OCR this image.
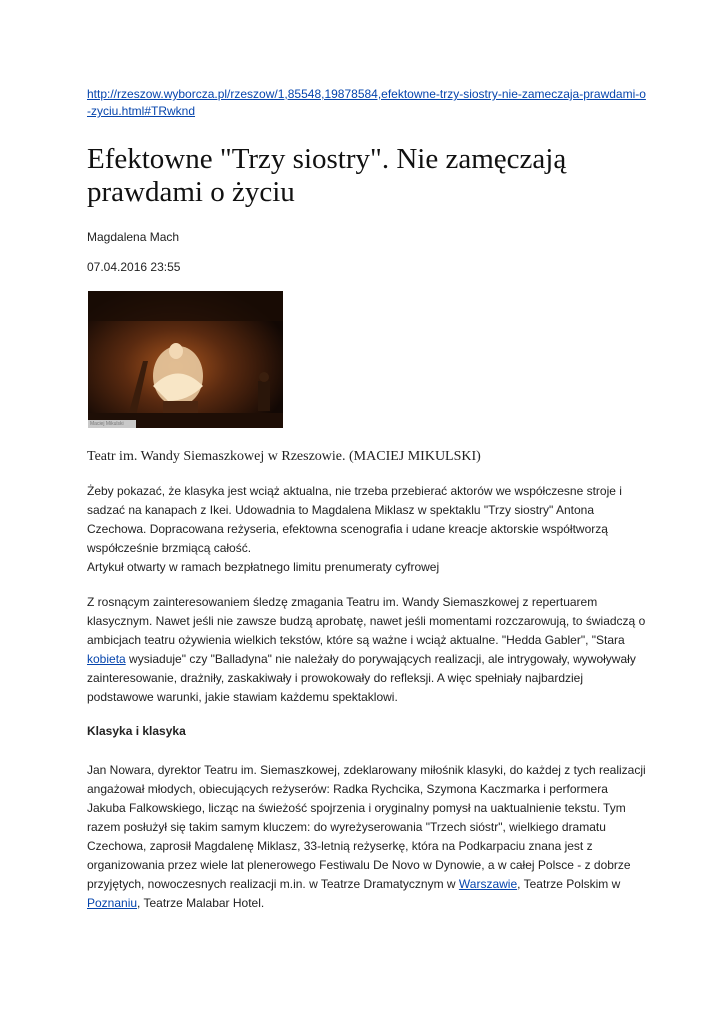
http://rzeszow.wyborcza.pl/rzeszow/1,85548,19878584,efektowne-trzy-siostry-nie-zameczaja-prawdami-o-zyciu.html#TRwknd
Efektowne "Trzy siostry". Nie zamęczają prawdami o życiu

Magdalena Mach

07.04.2016 23:55

Maciej Mikulski

Teatr im. Wandy Siemaszkowej w Rzeszowie. (MACIEJ MIKULSKI)

Żeby pokazać, że klasyka jest wciąż aktualna, nie trzeba przebierać aktorów we współczesne stroje i sadzać na kanapach z Ikei. Udowadnia to Magdalena Miklasz w spektaklu "Trzy siostry" Antona Czechowa. Dopracowana reżyseria, efektowna scenografia i udane kreacje aktorskie współtworzą współcześnie brzmiącą całość.

Artykuł otwarty w ramach bezpłatnego limitu prenumeraty cyfrowej

Z rosnącym zainteresowaniem śledzę zmagania Teatru im. Wandy Siemaszkowej z repertuarem klasycznym. Nawet jeśli nie zawsze budzą aprobatę, nawet jeśli momentami rozczarowują, to świadczą o ambicjach teatru ożywienia wielkich tekstów, które są ważne i wciąż aktualne. "Hedda Gabler", "Stara kobieta wysiaduje" czy "Balladyna" nie należały do porywających realizacji, ale intrygowały, wywoływały zainteresowanie, drażniły, zaskakiwały i prowokowały do refleksji. A więc spełniały najbardziej podstawowe warunki, jakie stawiam każdemu spektaklowi.

Klasyka i klasyka

Jan Nowara, dyrektor Teatru im. Siemaszkowej, zdeklarowany miłośnik klasyki, do każdej z tych realizacji angażował młodych, obiecujących reżyserów: Radka Rychcika, Szymona Kaczmarka i performera Jakuba Falkowskiego, licząc na świeżość spojrzenia i oryginalny pomysł na uaktualnienie tekstu. Tym razem posłużył się takim samym kluczem: do wyreżyserowania "Trzech sióstr", wielkiego dramatu Czechowa, zaprosił Magdalenę Miklasz, 33-letnią reżyserkę, która na Podkarpaciu znana jest z organizowania przez wiele lat plenerowego Festiwalu De Novo w Dynowie, a w całej Polsce - z dobrze przyjętych, nowoczesnych realizacji m.in. w Teatrze Dramatycznym w Warszawie, Teatrze Polskim w Poznaniu, Teatrze Malabar Hotel.
